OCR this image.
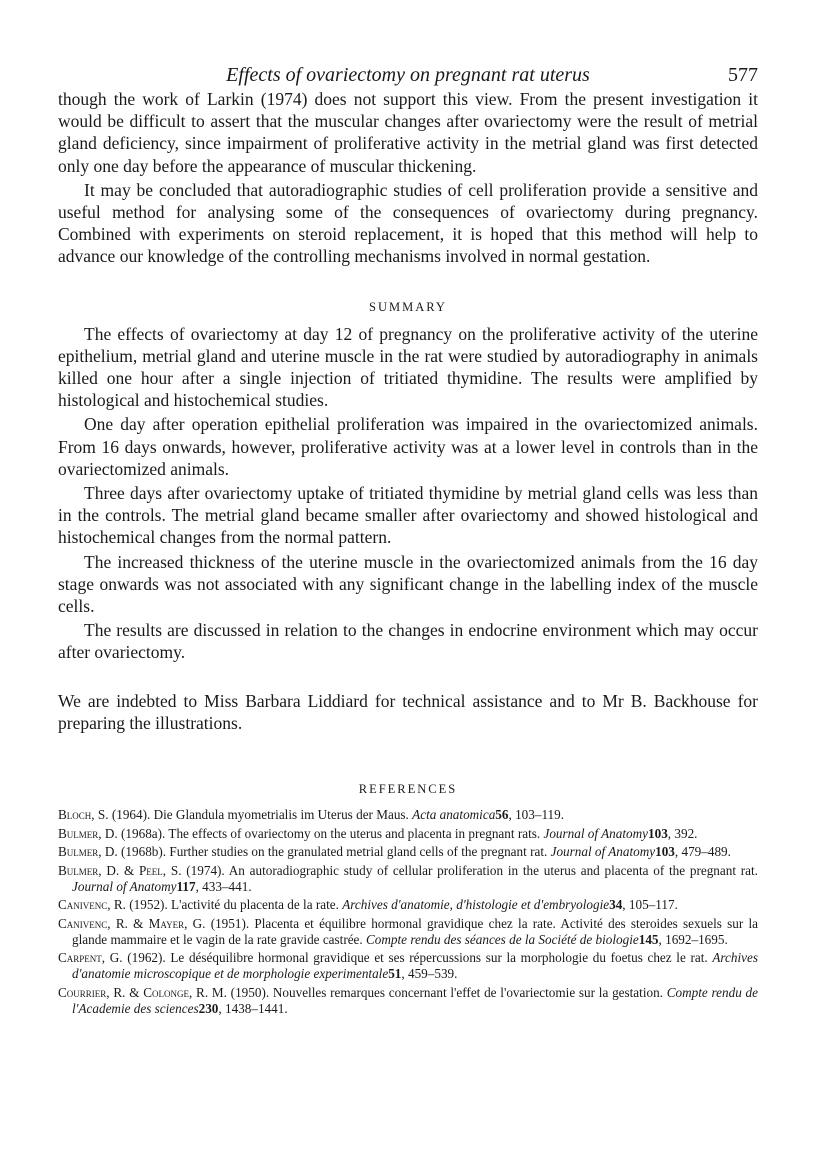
Effects of ovariectomy on pregnant rat uterus	577

though the work of Larkin (1974) does not support this view. From the present investigation it would be difficult to assert that the muscular changes after ovariectomy were the result of metrial gland deficiency, since impairment of proliferative activity in the metrial gland was first detected only one day before the appearance of muscular thickening.

It may be concluded that autoradiographic studies of cell proliferation provide a sensitive and useful method for analysing some of the consequences of ovariectomy during pregnancy. Combined with experiments on steroid replacement, it is hoped that this method will help to advance our knowledge of the controlling mechanisms involved in normal gestation.

SUMMARY

The effects of ovariectomy at day 12 of pregnancy on the proliferative activity of the uterine epithelium, metrial gland and uterine muscle in the rat were studied by autoradiography in animals killed one hour after a single injection of tritiated thymidine. The results were amplified by histological and histochemical studies.

One day after operation epithelial proliferation was impaired in the ovariectomized animals. From 16 days onwards, however, proliferative activity was at a lower level in controls than in the ovariectomized animals.

Three days after ovariectomy uptake of tritiated thymidine by metrial gland cells was less than in the controls. The metrial gland became smaller after ovariectomy and showed histological and histochemical changes from the normal pattern.

The increased thickness of the uterine muscle in the ovariectomized animals from the 16 day stage onwards was not associated with any significant change in the labelling index of the muscle cells.

The results are discussed in relation to the changes in endocrine environment which may occur after ovariectomy.

We are indebted to Miss Barbara Liddiard for technical assistance and to Mr B. Backhouse for preparing the illustrations.

REFERENCES

Bloch, S. (1964). Die Glandula myometrialis im Uterus der Maus. Acta anatomica56, 103–119.

Bulmer, D. (1968a). The effects of ovariectomy on the uterus and placenta in pregnant rats. Journal of Anatomy103, 392.

Bulmer, D. (1968b). Further studies on the granulated metrial gland cells of the pregnant rat. Journal of Anatomy103, 479–489.

Bulmer, D. & Peel, S. (1974). An autoradiographic study of cellular proliferation in the uterus and placenta of the pregnant rat. Journal of Anatomy117, 433–441.

Canivenc, R. (1952). L'activité du placenta de la rate. Archives d'anatomie, d'histologie et d'embryologie34, 105–117.

Canivenc, R. & Mayer, G. (1951). Placenta et équilibre hormonal gravidique chez la rate. Activité des steroides sexuels sur la glande mammaire et le vagin de la rate gravide castrée. Compte rendu des séances de la Société de biologie145, 1692–1695.

Carpent, G. (1962). Le déséquilibre hormonal gravidique et ses répercussions sur la morphologie du foetus chez le rat. Archives d'anatomie microscopique et de morphologie experimentale51, 459–539.

Courrier, R. & Colonge, R. M. (1950). Nouvelles remarques concernant l'effet de l'ovariectomie sur la gestation. Compte rendu de l'Academie des sciences230, 1438–1441.
